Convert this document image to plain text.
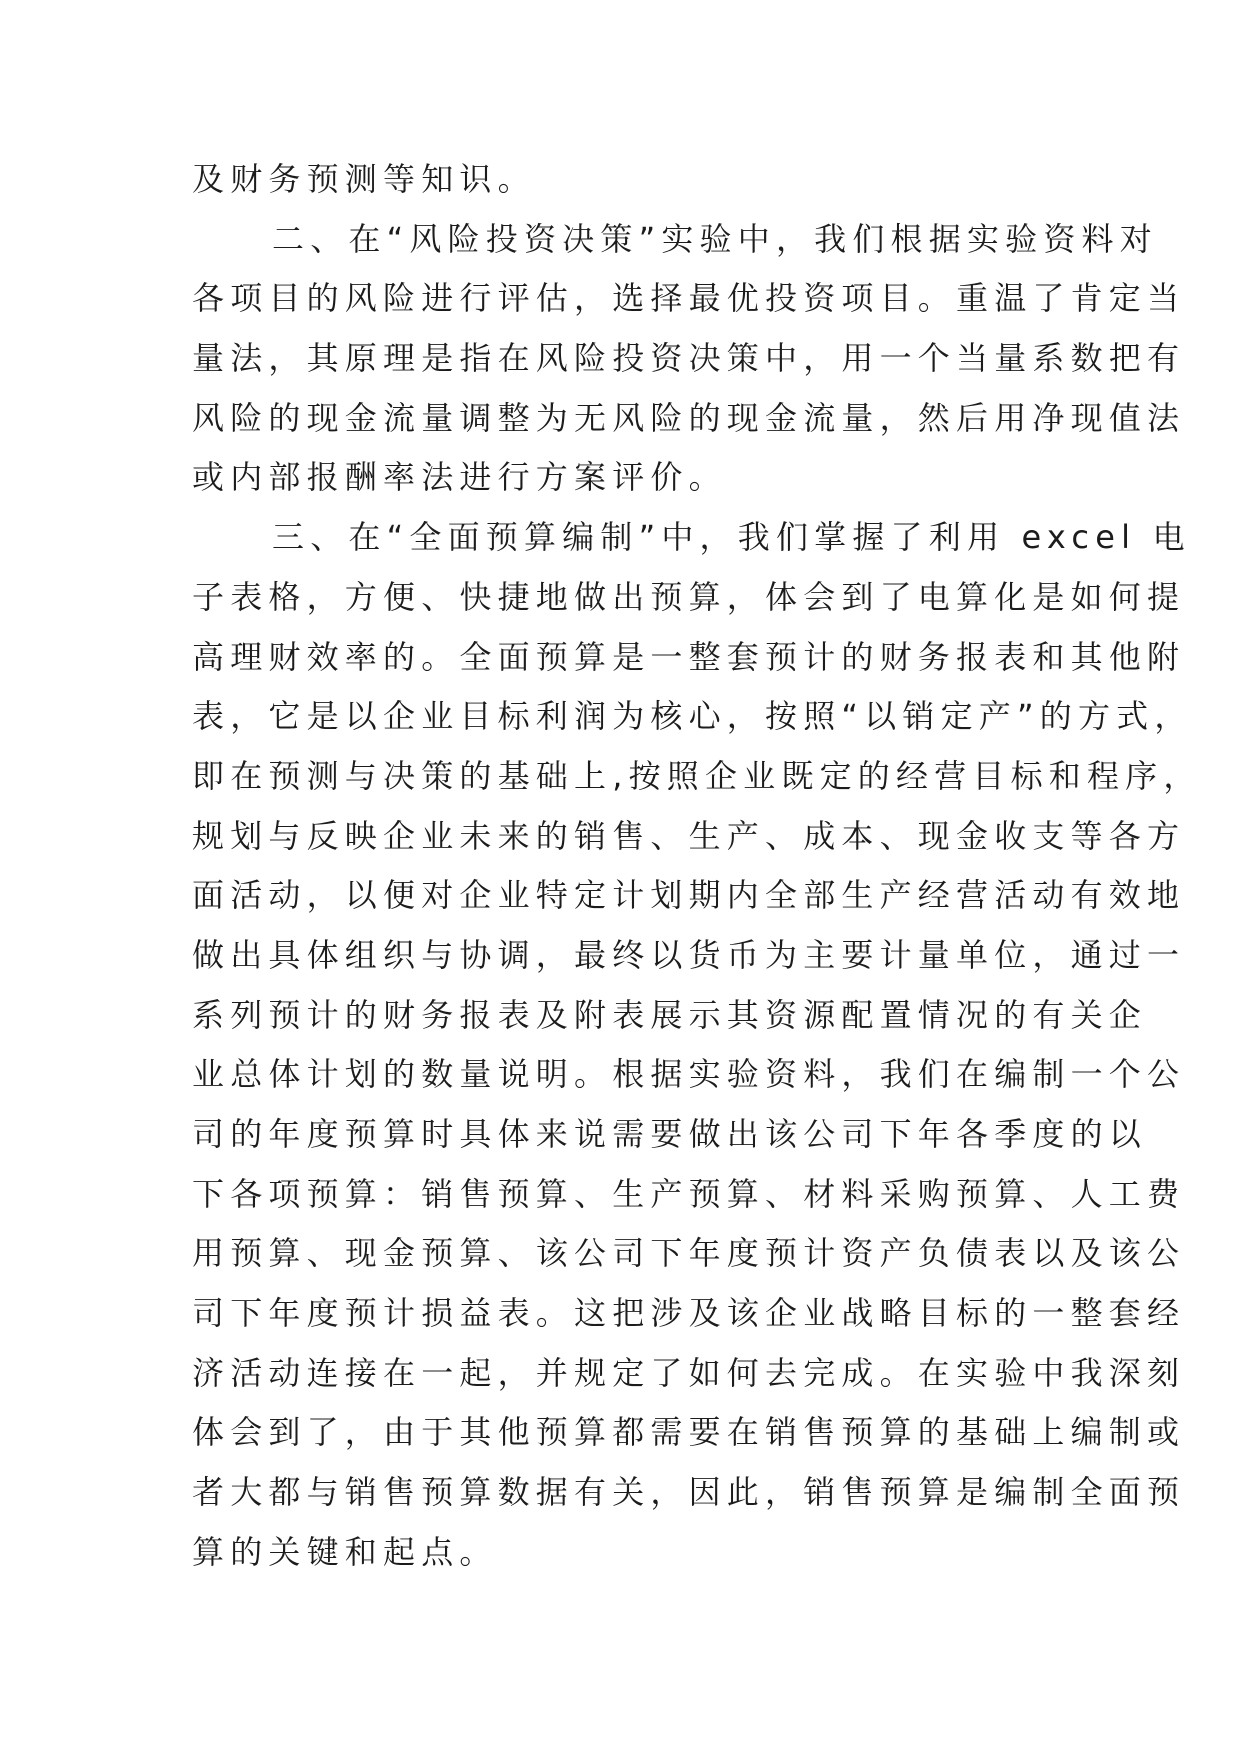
及财务预测等知识。
二、在“风险投资决策”实验中，我们根据实验资料对
各项目的风险进行评估，选择最优投资项目。重温了肯定当
量法，其原理是指在风险投资决策中，用一个当量系数把有
风险的现金流量调整为无风险的现金流量，然后用净现值法
或内部报酬率法进行方案评价。
三、在“全面预算编制”中，我们掌握了利用 excel 电
子表格，方便、快捷地做出预算，体会到了电算化是如何提
高理财效率的。全面预算是一整套预计的财务报表和其他附
表，它是以企业目标利润为核心，按照“以销定产”的方式，
即在预测与决策的基础上,按照企业既定的经营目标和程序，
规划与反映企业未来的销售、生产、成本、现金收支等各方
面活动，以便对企业特定计划期内全部生产经营活动有效地
做出具体组织与协调，最终以货币为主要计量单位，通过一
系列预计的财务报表及附表展示其资源配置情况的有关企
业总体计划的数量说明。根据实验资料，我们在编制一个公
司的年度预算时具体来说需要做出该公司下年各季度的以
下各项预算：销售预算、生产预算、材料采购预算、人工费
用预算、现金预算、该公司下年度预计资产负债表以及该公
司下年度预计损益表。这把涉及该企业战略目标的一整套经
济活动连接在一起，并规定了如何去完成。在实验中我深刻
体会到了，由于其他预算都需要在销售预算的基础上编制或
者大都与销售预算数据有关，因此，销售预算是编制全面预
算的关键和起点。
